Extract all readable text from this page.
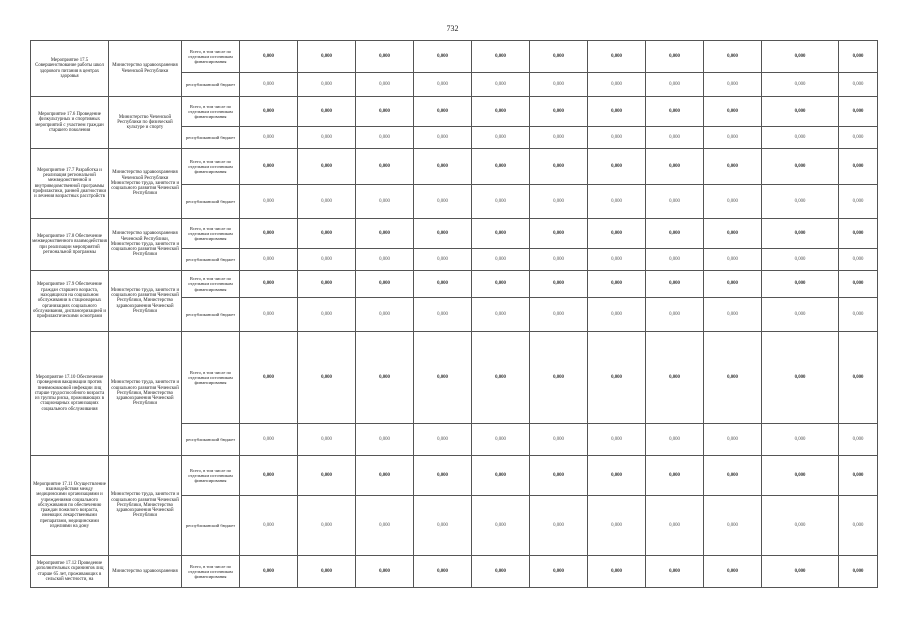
732
Мероприятие 17.5 Совершенствование работы школ здорового питания в центрах здоровья	Министерство здравоохранения Чеченской Республики	Всего, в том числе по отдельным источникам финансирования	0,000	0,000	0,000	0,000	0,000	0,000	0,000	0,000	0,000	0,000	0,000
		республиканский бюджет	0,000	0,000	0,000	0,000	0,000	0,000	0,000	0,000	0,000	0,000	0,000
Мероприятие 17.6 Проведение физкультурных и спортивных мероприятий с участием граждан старшего поколения	Министерство Чеченской Республики по физической культуре и спорту	Всего, в том числе по отдельным источникам финансирования	0,000	0,000	0,000	0,000	0,000	0,000	0,000	0,000	0,000	0,000	0,000
		республиканский бюджет	0,000	0,000	0,000	0,000	0,000	0,000	0,000	0,000	0,000	0,000	0,000
Мероприятие 17.7 Разработка и реализация региональной межведомственной и внутриведомственной программы профилактики, ранней диагностики и лечения возрастных расстройств	Министерство здравоохранения Чеченской Республики Министерство труда, занятости и социального развития Чеченской Республики	Всего, в том числе по отдельным источникам финансирования	0,000	0,000	0,000	0,000	0,000	0,000	0,000	0,000	0,000	0,000	0,000
		республиканский бюджет	0,000	0,000	0,000	0,000	0,000	0,000	0,000	0,000	0,000	0,000	0,000
Мероприятие 17.8 Обеспечение межведомственного взаимодействия при реализации мероприятий региональной программы	Министерство здравоохранения Чеченской Республики, Министерство труда, занятости и социального развития Чеченской Республики	Всего, в том числе по отдельным источникам финансирования	0,000	0,000	0,000	0,000	0,000	0,000	0,000	0,000	0,000	0,000	0,000
		республиканский бюджет	0,000	0,000	0,000	0,000	0,000	0,000	0,000	0,000	0,000	0,000	0,000
Мероприятие 17.9 Обеспечение граждан старшего возраста, находящихся на социальном обслуживании в стационарных организациях социального обслуживания, диспансеризацией и профилактическими осмотрами	Министерство труда, занятости и социального развития Чеченской Республики, Министерство здравоохранения Чеченской Республики	Всего, в том числе по отдельным источникам финансирования	0,000	0,000	0,000	0,000	0,000	0,000	0,000	0,000	0,000	0,000	0,000
		республиканский бюджет	0,000	0,000	0,000	0,000	0,000	0,000	0,000	0,000	0,000	0,000	0,000
Мероприятие 17.10 Обеспечение проведения вакцинации против пневмококковой инфекции лиц старше трудоспособного возраста из группы риска, проживающих в стационарных организациях социального обслуживания	Министерство труда, занятости и социального развития Чеченской Республики, Министерство здравоохранения Чеченской Республики	Всего, в том числе по отдельным источникам финансирования	0,000	0,000	0,000	0,000	0,000	0,000	0,000	0,000	0,000	0,000	0,000
		республиканский бюджет	0,000	0,000	0,000	0,000	0,000	0,000	0,000	0,000	0,000	0,000	0,000
Мероприятие 17.11 Осуществление взаимодействия между медицинскими организациями и учреждениями социального обслуживания по обеспечению граждан пожилого возраста, имеющих лекарственными препаратами, медицинскими изделиями на дому	Министерство труда, занятости и социального развития Чеченской Республики, Министерство здравоохранения Чеченской Республики	Всего, в том числе по отдельным источникам финансирования	0,000	0,000	0,000	0,000	0,000	0,000	0,000	0,000	0,000	0,000	0,000
		республиканский бюджет	0,000	0,000	0,000	0,000	0,000	0,000	0,000	0,000	0,000	0,000	0,000
Мероприятие 17.12 Проведение дополнительных скринингов лиц старше 65 лет, проживающих в сельской местности, на	Министерство здравоохранения	Всего, в том числе по отдельным источникам финансирования	0,000	0,000	0,000	0,000	0,000	0,000	0,000	0,000	0,000	0,000	0,000
